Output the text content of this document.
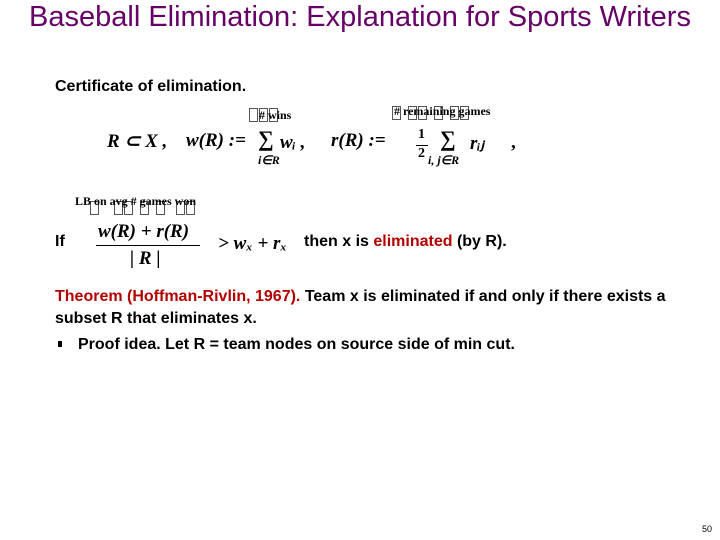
Baseball Elimination: Explanation for Sports Writers
Certificate of elimination.
# wins	# remaining games
R ⊂ X , w(R) := ∑
i∈R
wᵢ , r(R) := 1
2
∑
i, j∈R
rᵢⱼ ,
LB on avg # games won
If w(R) + r(R)
| R |
> wₓ + rₓ then x is eliminated (by R).
Theorem (Hoffman-Rivlin, 1967). Team x is eliminated if and only if there exists a subset R that eliminates x.
Proof idea. Let R = team nodes on source side of min cut.
50
